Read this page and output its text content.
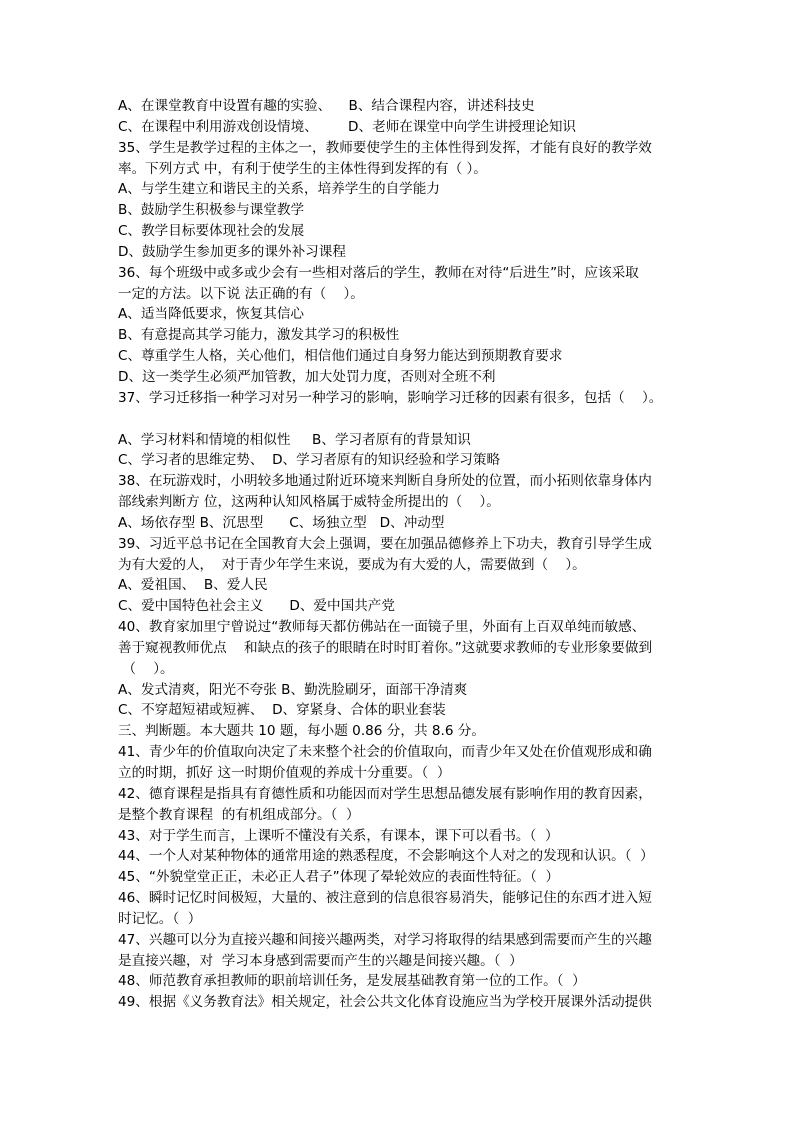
A、在课堂教育中设置有趣的实验、    B、结合课程内容，讲述科技史
C、在课程中利用游戏创设情境、       D、老师在课堂中向学生讲授理论知识
35、学生是教学过程的主体之一，教师要使学生的主体性得到发挥，才能有良好的教学效
率。下列方式 中，有利于使学生的主体性得到发挥的有（ ）。
A、与学生建立和谐民主的关系，培养学生的自学能力
B、鼓励学生积极参与课堂教学
C、教学目标要体现社会的发展
D、鼓励学生参加更多的课外补习课程
36、每个班级中或多或少会有一些相对落后的学生，教师在对待“后进生”时，应该采取
一定的方法。以下说 法正确的有（    ）。
A、适当降低要求，恢复其信心
B、有意提高其学习能力，激发其学习的积极性
C、尊重学生人格，关心他们，相信他们通过自身努力能达到预期教育要求
D、这一类学生必须严加管教，加大处罚力度，否则对全班不利
37、学习迁移指一种学习对另一种学习的影响，影响学习迁移的因素有很多，包括（    ）。
A、学习材料和情境的相似性     B、学习者原有的背景知识
C、学习者的思维定势、  D、学习者原有的知识经验和学习策略
38、在玩游戏时，小明较多地通过附近环境来判断自身所处的位置，而小拓则依靠身体内
部线索判断方 位，这两种认知风格属于威特金所提出的（    ）。
A、场依存型 B、沉思型      C、场独立型   D、冲动型
39、习近平总书记在全国教育大会上强调，要在加强品德修养上下功夫，教育引导学生成
为有大爱的人，  对于青少年学生来说，要成为有大爱的人，需要做到（    ）。
A、爱祖国、  B、爱人民
C、爱中国特色社会主义      D、爱中国共产党
40、教育家加里宁曾说过“教师每天都仿佛站在一面镜子里，外面有上百双单纯而敏感、
善于窥视教师优点    和缺点的孩子的眼睛在时时盯着你。”这就要求教师的专业形象要做到
（    ）。
A、发式清爽，阳光不夸张 B、勤洗脸刷牙，面部干净清爽
C、不穿超短裙或短裤、  D、穿紧身、合体的职业套装
三、判断题。本大题共 10 题，每小题 0.86 分，共 8.6 分。
41、青少年的价值取向决定了未来整个社会的价值取向，而青少年又处在价值观形成和确
立的时期，抓好 这一时期价值观的养成十分重要。（  ）
42、德育课程是指具有育德性质和功能因而对学生思想品德发展有影响作用的教育因素，
是整个教育课程  的有机组成部分。（  ）
43、对于学生而言，上课听不懂没有关系，有课本，课下可以看书。（  ）
44、一个人对某种物体的通常用途的熟悉程度，不会影响这个人对之的发现和认识。（  ）
45、“外貌堂堂正正，未必正人君子”体现了晕轮效应的表面性特征。（  ）
46、瞬时记忆时间极短，大量的、被注意到的信息很容易消失，能够记住的东西才进入短
时记忆。（  ）
47、兴趣可以分为直接兴趣和间接兴趣两类，对学习将取得的结果感到需要而产生的兴趣
是直接兴趣，对  学习本身感到需要而产生的兴趣是间接兴趣。（  ）
48、师范教育承担教师的职前培训任务，是发展基础教育第一位的工作。（  ）
49、根据《义务教育法》相关规定，社会公共文化体育设施应当为学校开展课外活动提供
